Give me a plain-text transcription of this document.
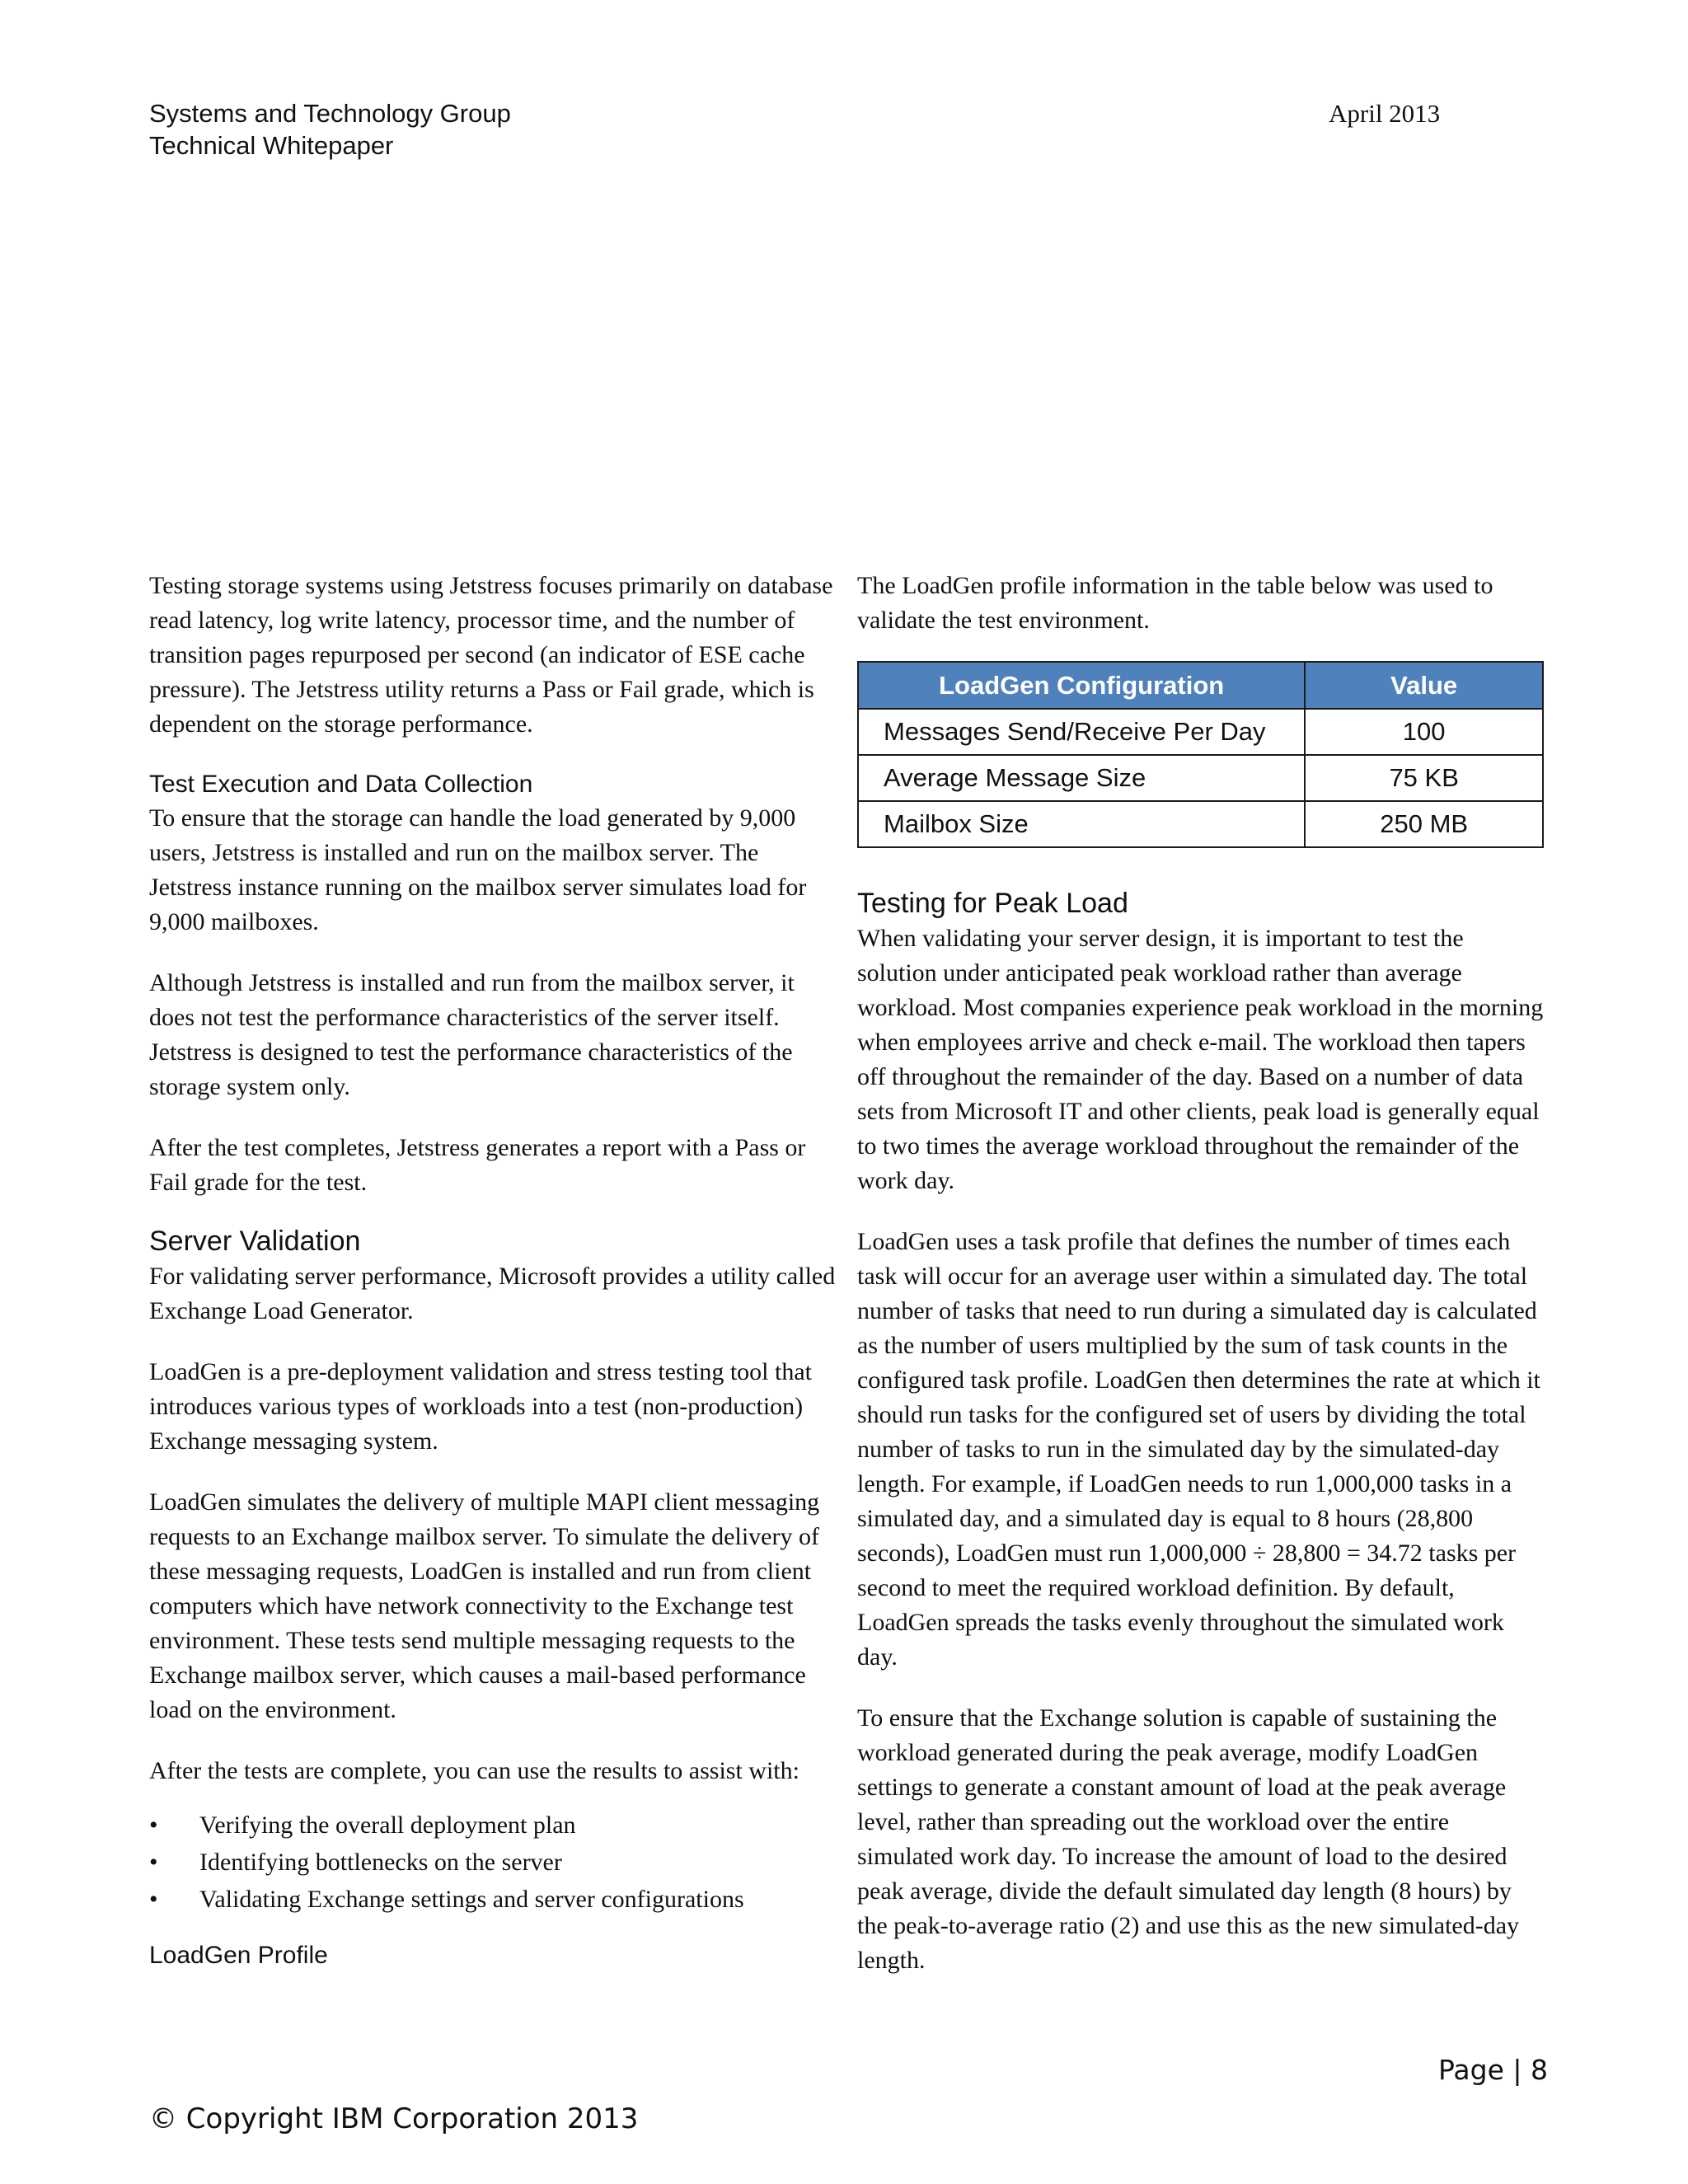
Systems and Technology Group
Technical Whitepaper
April 2013

Testing storage systems using Jetstress focuses primarily on database read latency, log write latency, processor time, and the number of transition pages repurposed per second (an indicator of ESE cache pressure). The Jetstress utility returns a Pass or Fail grade, which is dependent on the storage performance.

Test Execution and Data Collection

To ensure that the storage can handle the load generated by 9,000 users, Jetstress is installed and run on the mailbox server. The Jetstress instance running on the mailbox server simulates load for 9,000 mailboxes.

Although Jetstress is installed and run from the mailbox server, it does not test the performance characteristics of the server itself. Jetstress is designed to test the performance characteristics of the storage system only.

After the test completes, Jetstress generates a report with a Pass or Fail grade for the test.

Server Validation

For validating server performance, Microsoft provides a utility called Exchange Load Generator.

LoadGen is a pre-deployment validation and stress testing tool that introduces various types of workloads into a test (non-production) Exchange messaging system.

LoadGen simulates the delivery of multiple MAPI client messaging requests to an Exchange mailbox server. To simulate the delivery of these messaging requests, LoadGen is installed and run from client computers which have network connectivity to the Exchange test environment. These tests send multiple messaging requests to the Exchange mailbox server, which causes a mail-based performance load on the environment.

After the tests are complete, you can use the results to assist with:

• Verifying the overall deployment plan
• Identifying bottlenecks on the server
• Validating Exchange settings and server configurations
LoadGen Profile

The LoadGen profile information in the table below was used to validate the test environment.

LoadGen Configuration	Value
Messages Send/Receive Per Day	100
Average Message Size	75 KB
Mailbox Size	250 MB
Testing for Peak Load

When validating your server design, it is important to test the solution under anticipated peak workload rather than average workload. Most companies experience peak workload in the morning when employees arrive and check e-mail. The workload then tapers off throughout the remainder of the day. Based on a number of data sets from Microsoft IT and other clients, peak load is generally equal to two times the average workload throughout the remainder of the work day.

LoadGen uses a task profile that defines the number of times each task will occur for an average user within a simulated day. The total number of tasks that need to run during a simulated day is calculated as the number of users multiplied by the sum of task counts in the configured task profile. LoadGen then determines the rate at which it should run tasks for the configured set of users by dividing the total number of tasks to run in the simulated day by the simulated-day length. For example, if LoadGen needs to run 1,000,000 tasks in a simulated day, and a simulated day is equal to 8 hours (28,800 seconds), LoadGen must run 1,000,000 ÷ 28,800 = 34.72 tasks per second to meet the required workload definition. By default, LoadGen spreads the tasks evenly throughout the simulated work day.

To ensure that the Exchange solution is capable of sustaining the workload generated during the peak average, modify LoadGen settings to generate a constant amount of load at the peak average level, rather than spreading out the workload over the entire simulated work day. To increase the amount of load to the desired peak average, divide the default simulated day length (8 hours) by the peak-to-average ratio (2) and use this as the new simulated-day length.

Page | 8
© Copyright IBM Corporation 2013
